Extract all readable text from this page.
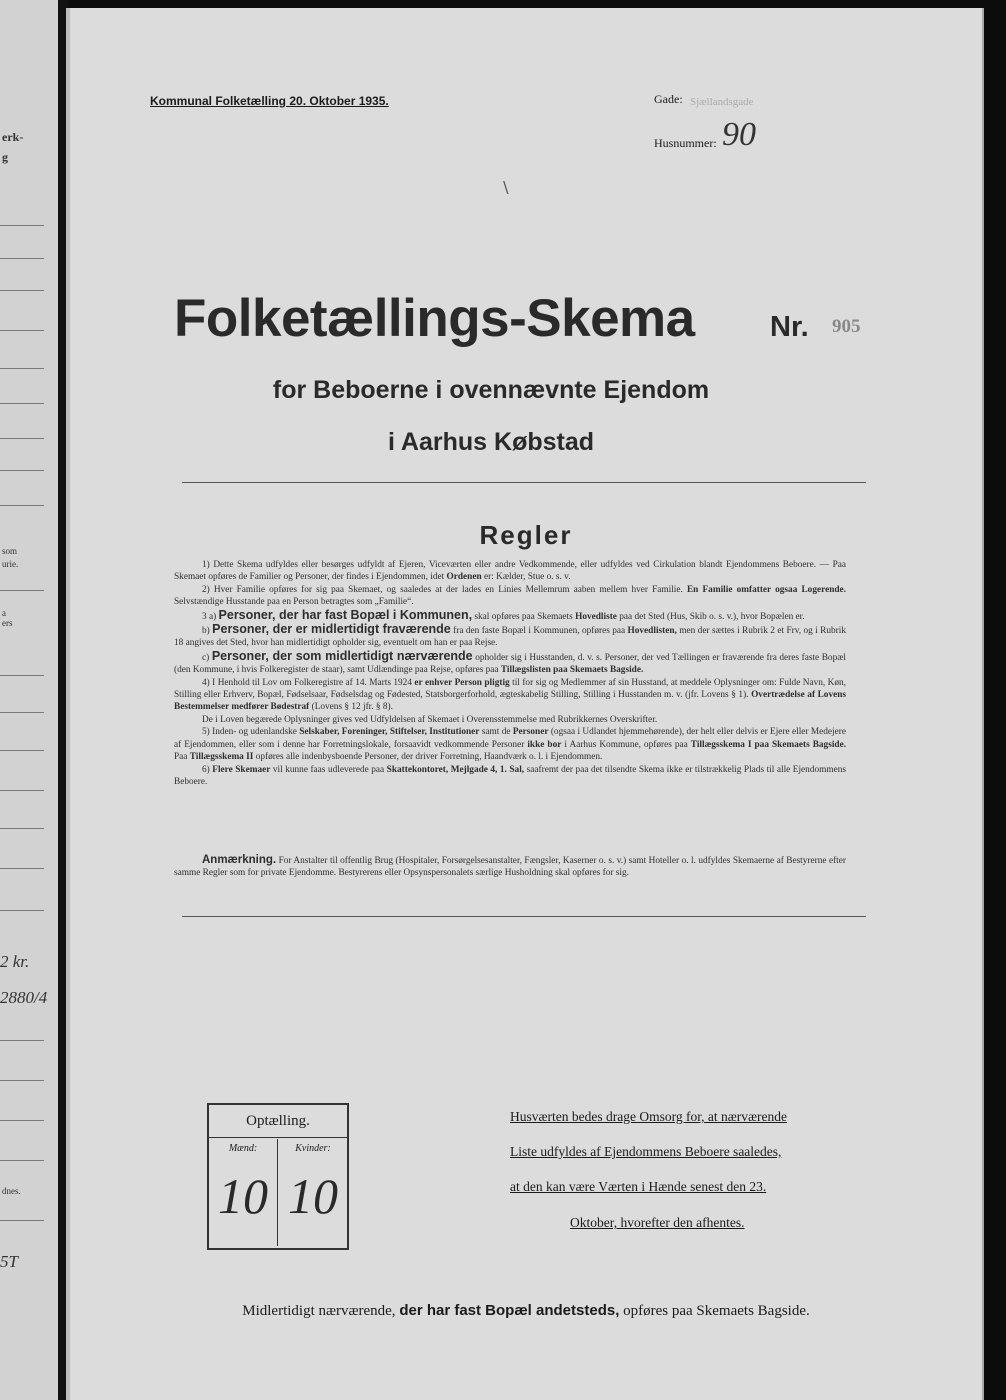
erk-
g
som
urie.
a
ers
dnes.
2 kr.
2880/4
5T
Kommunal Folketælling 20. Oktober 1935.	Gade: Sjællandsgade
Husnummer: 90
∖
Folketællings-Skema	Nr. 905
for Beboerne i ovennævnte Ejendom
i Aarhus Købstad
Regler

1) Dette Skema udfyldes eller besørges udfyldt af Ejeren, Viceværten eller andre Vedkommende, eller udfyldes ved Cirkulation blandt Ejendommens Beboere. — Paa Skemaet opføres de Familier og Personer, der findes i Ejendommen, idet Ordenen er: Kælder, Stue o. s. v.

2) Hver Familie opføres for sig paa Skemaet, og saaledes at der lades en Linies Mellemrum aaben mellem hver Familie. En Familie omfatter ogsaa Logerende. Selvstændige Husstande paa en Person betragtes som „Familie“.

3 a) Personer, der har fast Bopæl i Kommunen, skal opføres paa Skemaets Hovedliste paa det Sted (Hus, Skib o. s. v.), hvor Bopælen er.

b) Personer, der er midlertidigt fraværende fra den faste Bopæl i Kommunen, opføres paa Hovedlisten, men der sættes i Rubrik 2 et Frv, og i Rubrik 18 angives det Sted, hvor han midlertidigt opholder sig, eventuelt om han er paa Rejse.

c) Personer, der som midlertidigt nærværende opholder sig i Husstanden, d. v. s. Personer, der ved Tællingen er fraværende fra deres faste Bopæl (den Kommune, i hvis Folkeregister de staar), samt Udlændinge paa Rejse, opføres paa Tillægslisten paa Skemaets Bagside.

4) I Henhold til Lov om Folkeregistre af 14. Marts 1924 er enhver Person pligtig til for sig og Medlemmer af sin Husstand, at meddele Oplysninger om: Fulde Navn, Køn, Stilling eller Erhverv, Bopæl, Fødselsaar, Fødselsdag og Fødested, Statsborgerforhold, ægteskabelig Stilling, Stilling i Husstanden m. v. (jfr. Lovens § 1). Overtrædelse af Lovens Bestemmelser medfører Bødestraf (Lovens § 12 jfr. § 8).

De i Loven begærede Oplysninger gives ved Udfyldelsen af Skemaet i Overensstemmelse med Rubrikkernes Overskrifter.

5) Inden- og udenlandske Selskaber, Foreninger, Stiftelser, Institutioner samt de Personer (ogsaa i Udlandet hjemmehørende), der helt eller delvis er Ejere eller Medejere af Ejendommen, eller som i denne har Forretningslokale, forsaavidt vedkommende Personer ikke bor i Aarhus Kommune, opføres paa Tillægsskema I paa Skemaets Bagside. Paa Tillægsskema II opføres alle indenbysboende Personer, der driver Forretning, Haandværk o. l. i Ejendommen.

6) Flere Skemaer vil kunne faas udleverede paa Skattekontoret, Mejlgade 4, 1. Sal, saafremt der paa det tilsendte Skema ikke er tilstrækkelig Plads til alle Ejendommens Beboere.

Anmærkning. For Anstalter til offentlig Brug (Hospitaler, Forsørgelsesanstalter, Fængsler, Kaserner o. s. v.) samt Hoteller o. l. udfyldes Skemaerne af Bestyrerne efter samme Regler som for private Ejendomme. Bestyrerens eller Opsynspersonalets særlige Husholdning skal opføres for sig.

Optælling.
Mænd:
10
Kvinder:
10
Husværten bedes drage Omsorg for, at nærværende
Liste udfyldes af Ejendommens Beboere saaledes,
at den kan være Værten i Hænde senest den 23.
Oktober, hvorefter den afhentes.
Midlertidigt nærværende, der har fast Bopæl andetsteds, opføres paa Skemaets Bagside.
